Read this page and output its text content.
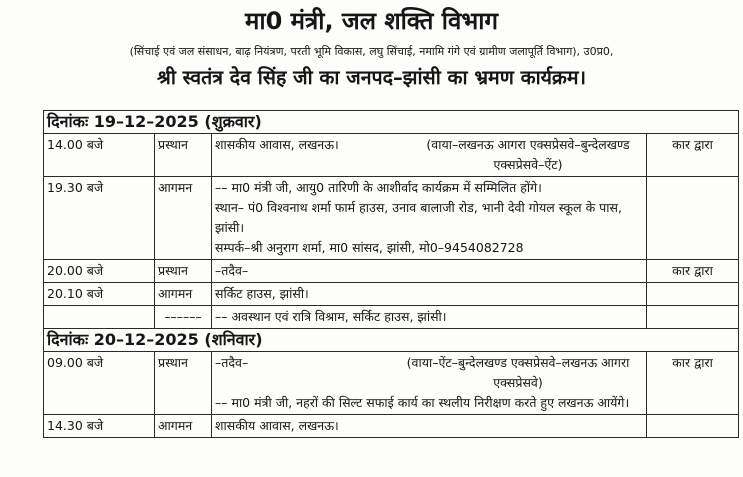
मा0 मंत्री, जल शक्ति विभाग
(सिंचाई एवं जल संसाधन, बाढ़ नियंत्रण, परती भूमि विकास, लघु सिंचाई, नमामि गंगे एवं ग्रामीण जलापूर्ति विभाग), उ0प्र0,
श्री स्वतंत्र देव सिंह जी का जनपद–झांसी का भ्रमण कार्यक्रम।
दिनांकः 19–12–2025 (शुक्रवार)			
14.00 बजे	प्रस्थान	शासकीय आवास, लखनऊ। (वाया–लखनऊ आगरा एक्सप्रेसवे–बुन्देलखण्ड एक्सप्रेसवे–ऐंट)	कार द्वारा
19.30 बजे	आगमन	–– मा0 मंत्री जी, आयु0 तारिणी के आशीर्वाद कार्यक्रम में सम्मिलित होंगे।
स्थान– पं0 विश्वनाथ शर्मा फार्म हाउस, उनाव बालाजी रोड, भानी देवी गोयल स्कूल के पास, झांसी।
सम्पर्क–श्री अनुराग शर्मा, मा0 सांसद, झांसी, मो0–9454082728	

20.00 बजे	प्रस्थान	–तदैव–	कार द्वारा
20.10 बजे	आगमन	सर्किट हाउस, झांसी।	
	––––––	–– अवस्थान एवं रात्रि विश्राम, सर्किट हाउस, झांसी।	
दिनांकः 20–12–2025 (शनिवार)			
09.00 बजे	प्रस्थान	–तदैव– (वाया–ऐंट–बुन्देलखण्ड एक्सप्रेसवे–लखनऊ आगरा एक्सप्रेसवे)
–– मा0 मंत्री जी, नहरों की सिल्ट सफाई कार्य का स्थलीय निरीक्षण करते हुए लखनऊ आयेंगे।	कार द्वारा
14.30 बजे	आगमन	शासकीय आवास, लखनऊ।	
